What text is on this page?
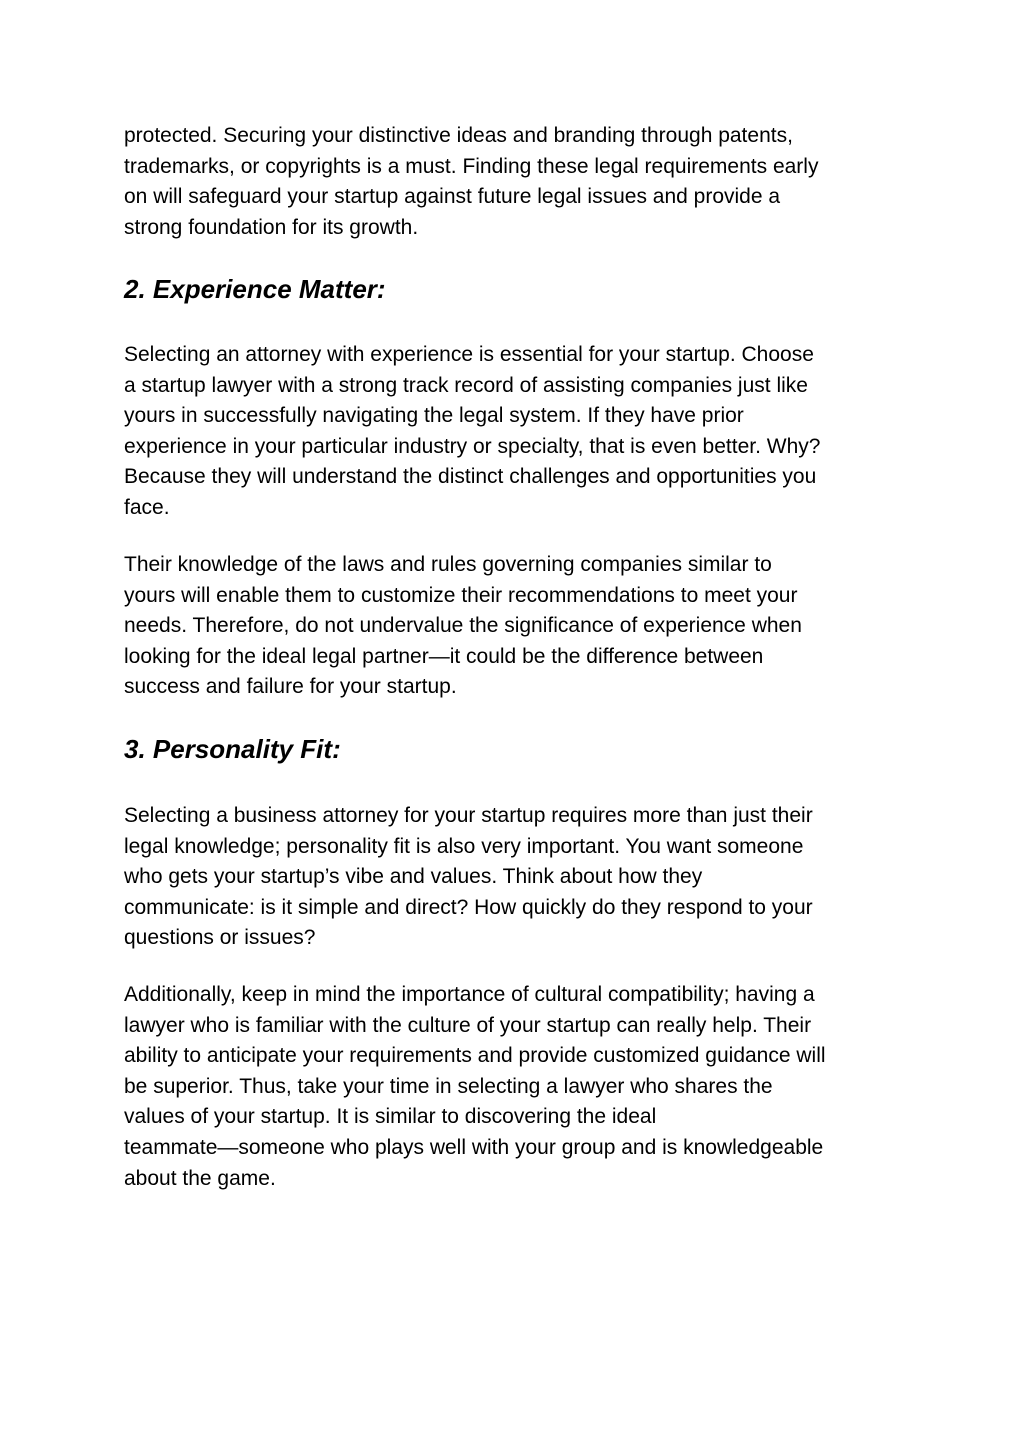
protected. Securing your distinctive ideas and branding through patents,
trademarks, or copyrights is a must. Finding these legal requirements early
on will safeguard your startup against future legal issues and provide a
strong foundation for its growth.

2. Experience Matter:

Selecting an attorney with experience is essential for your startup. Choose
a startup lawyer with a strong track record of assisting companies just like
yours in successfully navigating the legal system. If they have prior
experience in your particular industry or specialty, that is even better. Why?
Because they will understand the distinct challenges and opportunities you
face.

Their knowledge of the laws and rules governing companies similar to
yours will enable them to customize their recommendations to meet your
needs. Therefore, do not undervalue the significance of experience when
looking for the ideal legal partner—it could be the difference between
success and failure for your startup.

3. Personality Fit:

Selecting a business attorney for your startup requires more than just their
legal knowledge; personality fit is also very important. You want someone
who gets your startup’s vibe and values. Think about how they
communicate: is it simple and direct? How quickly do they respond to your
questions or issues?

Additionally, keep in mind the importance of cultural compatibility; having a
lawyer who is familiar with the culture of your startup can really help. Their
ability to anticipate your requirements and provide customized guidance will
be superior. Thus, take your time in selecting a lawyer who shares the
values of your startup. It is similar to discovering the ideal
teammate—someone who plays well with your group and is knowledgeable
about the game.
